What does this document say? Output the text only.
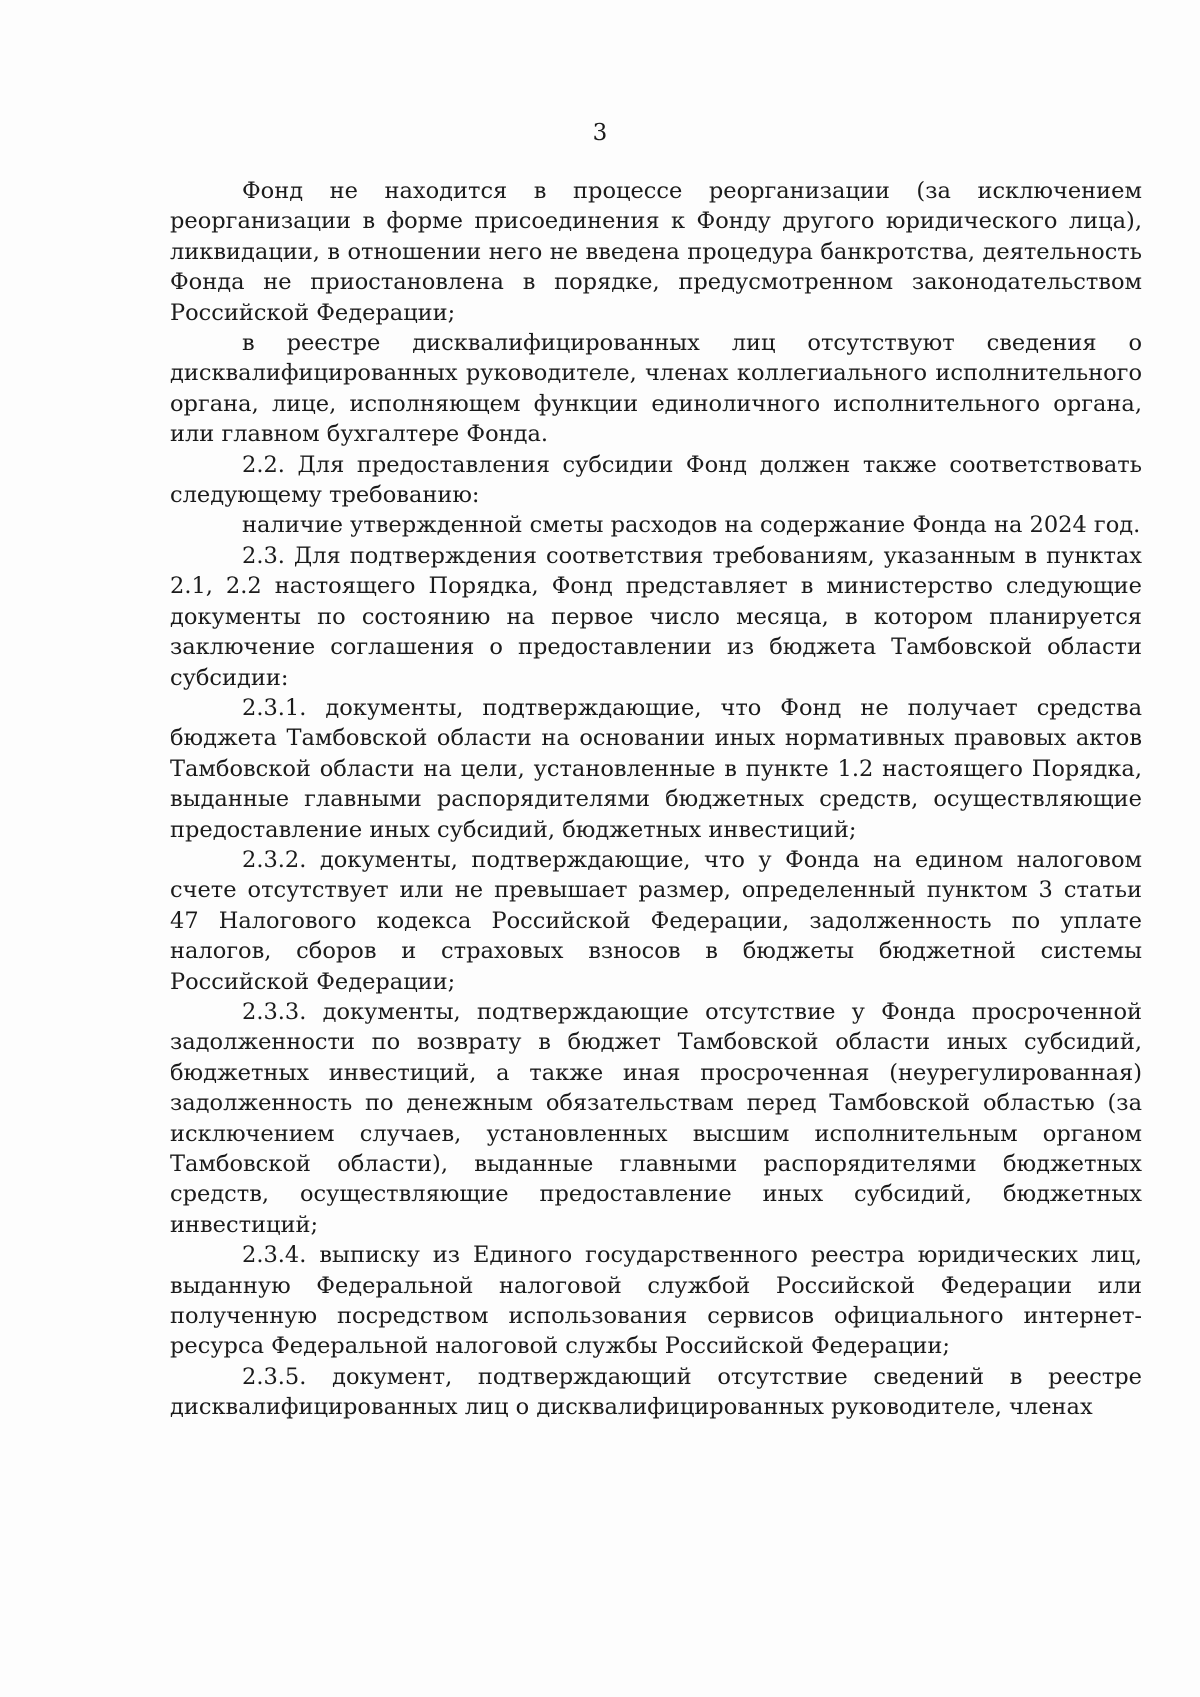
3

Фонд не находится в процессе реорганизации (за исключением реорганизации в форме присоединения к Фонду другого юридического лица), ликвидации, в отношении него не введена процедура банкротства, деятельность Фонда не приостановлена в порядке, предусмотренном законодательством Российской Федерации;

в реестре дисквалифицированных лиц отсутствуют сведения о дисквалифицированных руководителе, членах коллегиального исполнительного органа, лице, исполняющем функции единоличного исполнительного органа, или главном бухгалтере Фонда.

2.2. Для предоставления субсидии Фонд должен также соответствовать следующему требованию:

наличие утвержденной сметы расходов на содержание Фонда на 2024 год.

2.3. Для подтверждения соответствия требованиям, указанным в пунктах 2.1, 2.2 настоящего Порядка, Фонд представляет в министерство следующие документы по состоянию на первое число месяца, в котором планируется заключение соглашения о предоставлении из бюджета Тамбовской области субсидии:

2.3.1. документы, подтверждающие, что Фонд не получает средства бюджета Тамбовской области на основании иных нормативных правовых актов Тамбовской области на цели, установленные в пункте 1.2 настоящего Порядка, выданные главными распорядителями бюджетных средств, осуществляющие предоставление иных субсидий, бюджетных инвестиций;

2.3.2. документы, подтверждающие, что у Фонда на едином налоговом счете отсутствует или не превышает размер, определенный пунктом 3 статьи 47 Налогового кодекса Российской Федерации, задолженность по уплате налогов, сборов и страховых взносов в бюджеты бюджетной системы Российской Федерации;

2.3.3. документы, подтверждающие отсутствие у Фонда просроченной задолженности по возврату в бюджет Тамбовской области иных субсидий, бюджетных инвестиций, а также иная просроченная (неурегулированная) задолженность по денежным обязательствам перед Тамбовской областью (за исключением случаев, установленных высшим исполнительным органом Тамбовской области), выданные главными распорядителями бюджетных средств, осуществляющие предоставление иных субсидий, бюджетных инвестиций;

2.3.4. выписку из Единого государственного реестра юридических лиц, выданную Федеральной налоговой службой Российской Федерации или полученную посредством использования сервисов официального интернет-ресурса Федеральной налоговой службы Российской Федерации;

2.3.5. документ, подтверждающий отсутствие сведений в реестре дисквалифицированных лиц о дисквалифицированных руководителе, членах
